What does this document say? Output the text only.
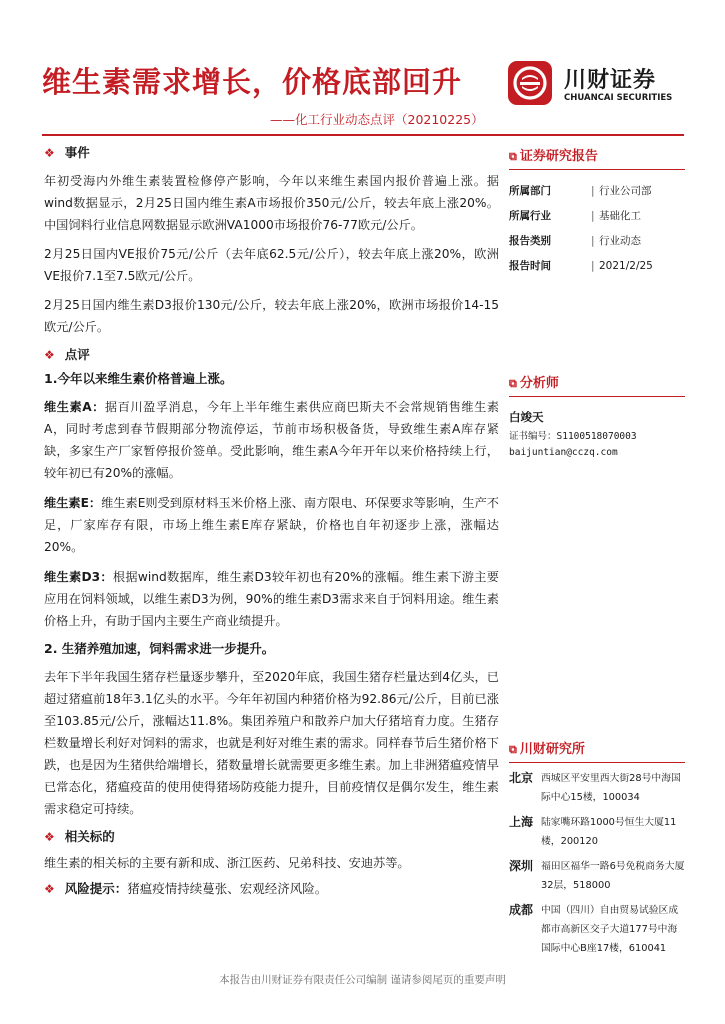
维生素需求增长，价格底部回升
——化工行业动态点评（20210225）
川财证券
CHUANCAI SECURITIES
❖ 事件

年初受海内外维生素装置检修停产影响，今年以来维生素国内报价普遍上涨。据wind数据显示，2月25日国内维生素A市场报价350元/公斤，较去年底上涨20%。中国饲料行业信息网数据显示欧洲VA1000市场报价76-77欧元/公斤。

2月25日国内VE报价75元/公斤（去年底62.5元/公斤），较去年底上涨20%，欧洲VE报价7.1至7.5欧元/公斤。

2月25日国内维生素D3报价130元/公斤，较去年底上涨20%，欧洲市场报价14-15欧元/公斤。

❖ 点评
1.今年以来维生素价格普遍上涨。

维生素A：据百川盈孚消息，今年上半年维生素供应商巴斯夫不会常规销售维生素A，同时考虑到春节假期部分物流停运，节前市场积极备货，导致维生素A库存紧缺，多家生产厂家暂停报价签单。受此影响，维生素A今年开年以来价格持续上行，较年初已有20%的涨幅。

维生素E：维生素E则受到原材料玉米价格上涨、南方限电、环保要求等影响，生产不足，厂家库存有限，市场上维生素E库存紧缺，价格也自年初逐步上涨，涨幅达20%。

维生素D3：根据wind数据库，维生素D3较年初也有20%的涨幅。维生素下游主要应用在饲料领域，以维生素D3为例，90%的维生素D3需求来自于饲料用途。维生素价格上升，有助于国内主要生产商业绩提升。

2. 生猪养殖加速，饲料需求进一步提升。

去年下半年我国生猪存栏量逐步攀升，至2020年底，我国生猪存栏量达到4亿头，已超过猪瘟前18年3.1亿头的水平。今年年初国内种猪价格为92.86元/公斤，目前已涨至103.85元/公斤，涨幅达11.8%。集团养殖户和散养户加大仔猪培育力度。生猪存栏数量增长利好对饲料的需求，也就是利好对维生素的需求。同样春节后生猪价格下跌，也是因为生猪供给端增长，猪数量增长就需要更多维生素。加上非洲猪瘟疫情早已常态化，猪瘟疫苗的使用使得猪场防疫能力提升，目前疫情仅是偶尔发生，维生素需求稳定可持续。

❖ 相关标的

维生素的相关标的主要有新和成、浙江医药、兄弟科技、安迪苏等。

❖ 风险提示：猪瘟疫情持续蔓张、宏观经济风险。
⧉ 证券研究报告
所属部门	| 行业公司部
所属行业	| 基础化工
报告类别	| 行业动态
报告时间	| 2021/2/25
⧉ 分析师
白竣天
证书编号：S1100518070003
baijuntian@cczq.com
⧉ 川财研究所
北京 西城区平安里西大街28号中海国际中心15楼，100034
上海 陆家嘴环路1000号恒生大厦11楼，200120
深圳 福田区福华一路6号免税商务大厦32层，518000
成都 中国（四川）自由贸易试验区成都市高新区交子大道177号中海国际中心B座17楼，610041
本报告由川财证券有限责任公司编制 谨请参阅尾页的重要声明
